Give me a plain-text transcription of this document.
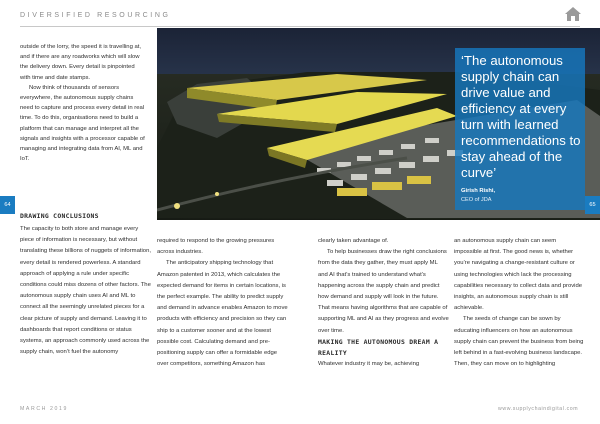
DIVERSIFIED RESOURCING

outside of the lorry, the speed it is travelling at, and if there are any roadworks which will slow the delivery down. Every detail is pinpointed with time and date stamps.

Now think of thousands of sensors everywhere, the autonomous supply chains need to capture and process every detail in real time. To do this, organisations need to build a platform that can manage and interpret all the signals and insights with a processor capable of managing and integrating data from AI, ML and IoT.

‘The autonomous supply chain can drive value and efficiency at every turn with learned recommendations to stay ahead of the curve’
Girish Rishi,
CEO of JDA
64	65
DRAWING CONCLUSIONS

The capacity to both store and manage every piece of information is necessary, but without translating these billions of nuggets of information, every detail is rendered powerless. A standard approach of applying a rule under specific conditions could miss dozens of other factors. The autonomous supply chain uses AI and ML to connect all the seemingly unrelated pieces for a clear picture of supply and demand. Leaving it to dashboards that report conditions or status systems, an approach commonly used across the supply chain, won’t fuel the autonomy

required to respond to the growing pressures across industries.

The anticipatory shipping technology that Amazon patented in 2013, which calculates the expected demand for items in certain locations, is the perfect example. The ability to predict supply and demand in advance enables Amazon to move products with efficiency and precision so they can ship to a customer sooner and at the lowest possible cost. Calculating demand and pre-positioning supply can offer a formidable edge over competitors, something Amazon has

clearly taken advantage of.

To help businesses draw the right conclusions from the data they gather, they must apply ML and AI that’s trained to understand what’s happening across the supply chain and predict how demand and supply will look in the future. That means having algorithms that are capable of supporting ML and AI as they progress and evolve over time.

MAKING THE AUTONOMOUS DREAM A REALITY

Whatever industry it may be, achieving

an autonomous supply chain can seem impossible at first. The good news is, whether you’re navigating a change-resistant culture or using technologies which lack the processing capabilities necessary to collect data and provide insights, an autonomous supply chain is still achievable.

The seeds of change can be sown by educating influencers on how an autonomous supply chain can prevent the business from being left behind in a fast-evolving business landscape. Then, they can move on to highlighting

MARCH 2019	www.supplychaindigital.com
